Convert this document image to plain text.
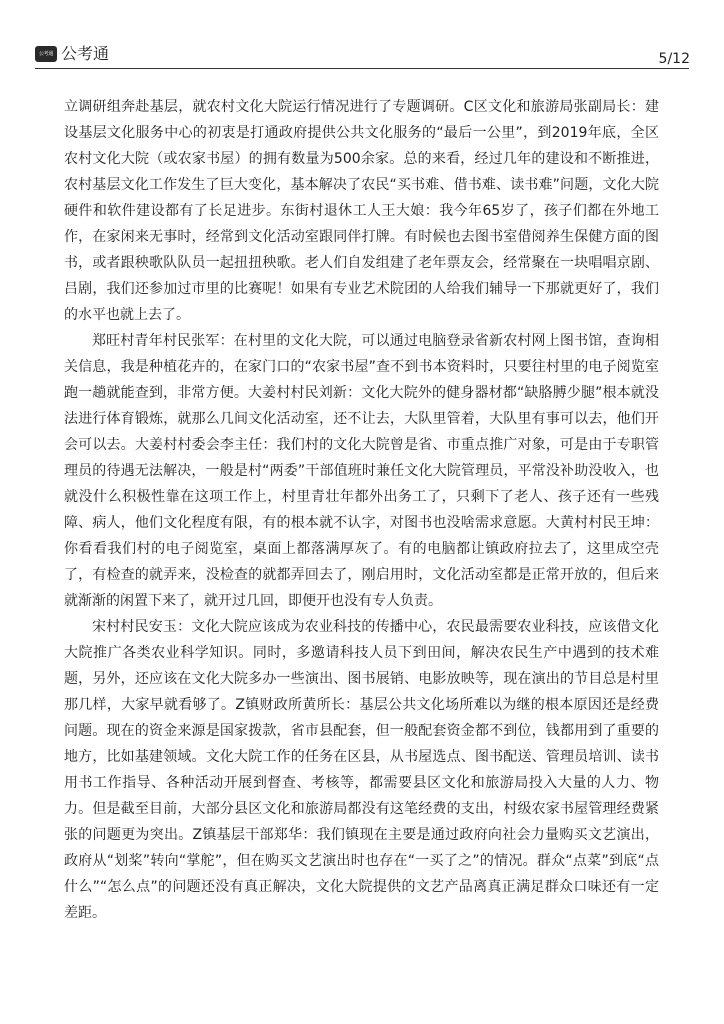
公考通 公考通	5/12

立调研组奔赴基层，就农村文化大院运行情况进行了专题调研。C区文化和旅游局张副局长：建设基层文化服务中心的初衷是打通政府提供公共文化服务的“最后一公里”，到2019年底，全区农村文化大院（或农家书屋）的拥有数量为500余家。总的来看，经过几年的建设和不断推进，农村基层文化工作发生了巨大变化，基本解决了农民“买书难、借书难、读书难”问题，文化大院硬件和软件建设都有了长足进步。东街村退休工人王大娘：我今年65岁了，孩子们都在外地工作，在家闲来无事时，经常到文化活动室跟同伴打牌。有时候也去图书室借阅养生保健方面的图书，或者跟秧歌队队员一起扭扭秧歌。老人们自发组建了老年票友会，经常聚在一块唱唱京剧、吕剧，我们还参加过市里的比赛呢！如果有专业艺术院团的人给我们辅导一下那就更好了，我们的水平也就上去了。

郑旺村青年村民张军：在村里的文化大院，可以通过电脑登录省新农村网上图书馆，查询相关信息，我是种植花卉的，在家门口的“农家书屋”查不到书本资料时，只要往村里的电子阅览室跑一趟就能查到，非常方便。大姜村村民刘新：文化大院外的健身器材都“缺胳膊少腿”根本就没法进行体育锻炼，就那么几间文化活动室，还不让去，大队里管着，大队里有事可以去，他们开会可以去。大姜村村委会李主任：我们村的文化大院曾是省、市重点推广对象，可是由于专职管理员的待遇无法解决，一般是村“两委”干部值班时兼任文化大院管理员，平常没补助没收入，也就没什么积极性靠在这项工作上，村里青壮年都外出务工了，只剩下了老人、孩子还有一些残障、病人，他们文化程度有限，有的根本就不认字，对图书也没啥需求意愿。大黄村村民王坤：你看看我们村的电子阅览室，桌面上都落满厚灰了。有的电脑都让镇政府拉去了，这里成空壳了，有检查的就弄来，没检查的就都弄回去了，刚启用时，文化活动室都是正常开放的，但后来就渐渐的闲置下来了，就开过几回，即便开也没有专人负责。

宋村村民安玉：文化大院应该成为农业科技的传播中心，农民最需要农业科技，应该借文化大院推广各类农业科学知识。同时，多邀请科技人员下到田间，解决农民生产中遇到的技术难题，另外，还应该在文化大院多办一些演出、图书展销、电影放映等，现在演出的节目总是村里那几样，大家早就看够了。Z镇财政所黄所长：基层公共文化场所难以为继的根本原因还是经费问题。现在的资金来源是国家拨款，省市县配套，但一般配套资金都不到位，钱都用到了重要的地方，比如基建领域。文化大院工作的任务在区县，从书屋选点、图书配送、管理员培训、读书用书工作指导、各种活动开展到督查、考核等，都需要县区文化和旅游局投入大量的人力、物力。但是截至目前，大部分县区文化和旅游局都没有这笔经费的支出，村级农家书屋管理经费紧张的问题更为突出。Z镇基层干部郑华：我们镇现在主要是通过政府向社会力量购买文艺演出，政府从“划桨”转向“掌舵”，但在购买文艺演出时也存在“一买了之”的情况。群众“点菜”到底“点什么”“怎么点”的问题还没有真正解决，文化大院提供的文艺产品离真正满足群众口味还有一定差距。
